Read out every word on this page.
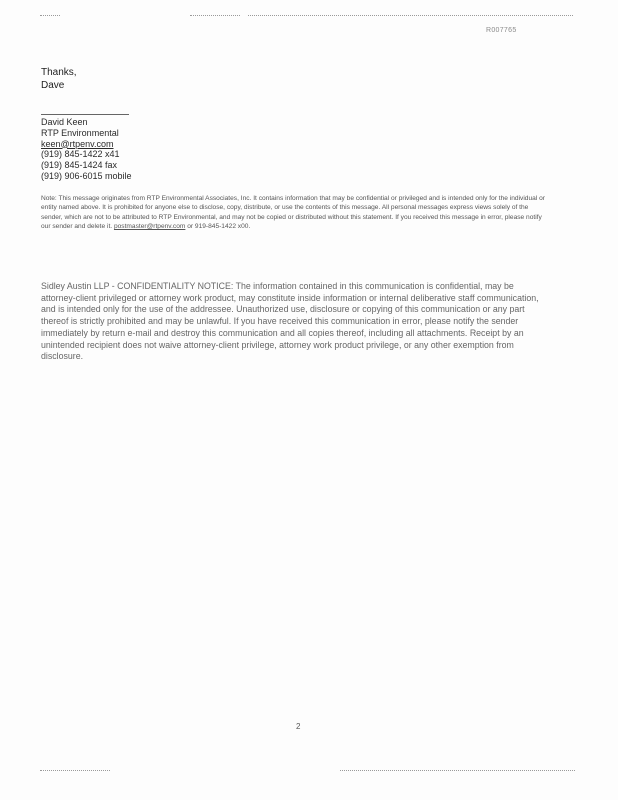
R007765
Thanks,
Dave
David Keen
RTP Environmental
keen@rtpenv.com
(919) 845-1422 x41
(919) 845-1424 fax
(919) 906-6015 mobile
Note: This message originates from RTP Environmental Associates, Inc. It contains information that may be confidential or privileged and is intended only for the individual or entity named above. It is prohibited for anyone else to disclose, copy, distribute, or use the contents of this message. All personal messages express views solely of the sender, which are not to be attributed to RTP Environmental, and may not be copied or distributed without this statement. If you received this message in error, please notify our sender and delete it. postmaster@rtpenv.com or 919-845-1422 x00.
Sidley Austin LLP - CONFIDENTIALITY NOTICE: The information contained in this communication is confidential, may be attorney-client privileged or attorney work product, may constitute inside information or internal deliberative staff communication, and is intended only for the use of the addressee. Unauthorized use, disclosure or copying of this communication or any part thereof is strictly prohibited and may be unlawful. If you have received this communication in error, please notify the sender immediately by return e-mail and destroy this communication and all copies thereof, including all attachments. Receipt by an unintended recipient does not waive attorney-client privilege, attorney work product privilege, or any other exemption from disclosure.
2
